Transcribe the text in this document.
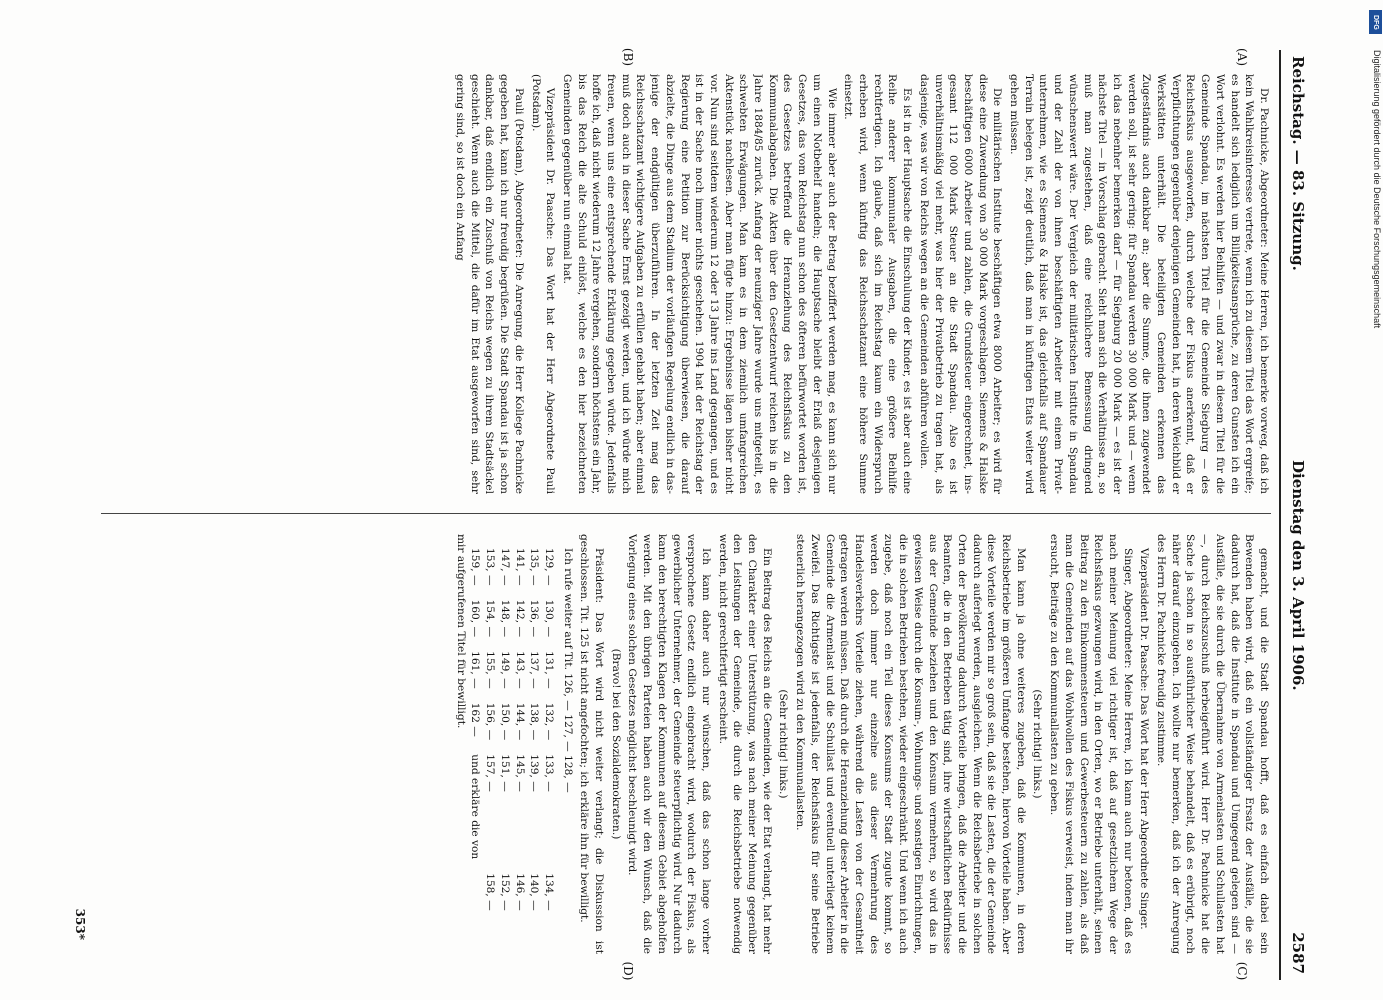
Reichstag. — 83. Sitzung.
Dienstag den 3. April 1906.
2587
(A)
(B)
(C)
(D)

Dr. Pachnicke, Abgeordneter: Meine Herren, ich bemerke vorweg, daß ich kein Wahlkreisinteresse vertrete, wenn ich zu diesem Titel das Wort ergreife; es handelt sich lediglich um Billigkeitsansprüche, zu deren Gunsten ich ein Wort verlohnt. Es werden hier Beihilfen — und zwar in diesem Titel für die Gemeinde Spandau, im nächsten Titel für die Gemeinde Siegburg — des Reichsfiskus ausgeworfen, durch welche der Fiskus anerkennt, daß er Verpflichtungen gegenüber denjenigen Gemeinden hat, in deren Weichbild er Werkstätten unterhält. Die beteiligten Gemeinden erkennen das Zugeständnis auch dankbar an; aber die Summe, die ihnen zugewendet werden soll, ist sehr gering: für Spandau werden 30 000 Mark und — wenn ich das nebenher bemerken darf — für Siegburg 20 000 Mark — es ist der nächste Titel — in Vorschlag gebracht. Sieht man sich die Verhältnisse an, so muß man zugestehen, daß eine reichlichere Bemessung dringend wünschenswert wäre. Der Vergleich der militärischen Institute in Spandau und der Zahl der von ihnen beschäftigten Arbeiter mit einem Privatunternehmen, wie es Siemens & Halske ist, das gleichfalls auf Spandauer Terrain belegen ist, zeigt deutlich, daß man in künftigen Etats weiter wird gehen müssen.

Die militärischen Institute beschäftigen etwa 8000 Arbeiter; es wird für diese eine Zuwendung von 30 000 Mark vorgeschlagen. Siemens & Halske beschäftigen 6000 Arbeiter und zahlen, die Grundsteuer eingerechnet, insgesamt 112 000 Mark Steuer an die Stadt Spandau. Also es ist unverhältnismäßig viel mehr, was hier der Privatbetrieb zu tragen hat, als dasjenige, was wir von Reichs wegen an die Gemeinden abführen wollen.

Es ist in der Hauptsache die Einschulung der Kinder, es ist aber auch eine Reihe anderer kommunaler Ausgaben, die eine größere Beihilfe rechtfertigen. Ich glaube, daß sich im Reichstag kaum ein Widerspruch erheben wird, wenn künftig das Reichsschatzamt eine höhere Summe einsetzt.

Wie immer aber auch der Betrag beziffert werden mag, es kann sich nur um einen Notbehelf handeln; die Hauptsache bleibt der Erlaß desjenigen Gesetzes, das vom Reichstag nun schon des öfteren befürwortet worden ist, des Gesetzes betreffend die Heranziehung des Reichsfiskus zu den Kommunalabgaben. Die Akten über den Gesetzentwurf reichen bis in die Jahre 1884/85 zurück. Anfang der neunziger Jahre wurde uns mitgeteilt, es schwebten Erwägungen. Man kam es in dem ziemlich umfangreichen Aktenstück nachlesen. Aber man fügte hinzu: Ergebnisse lägen bisher nicht vor. Nun sind seitdem wiederum 12 oder 13 Jahre ins Land gegangen, und es ist in der Sache noch immer nichts geschehen. 1904 hat der Reichstag der Regierung eine Petition zur Berücksichtigung überwiesen, die darauf abzielte, die Dinge aus dem Stadium der vorläufigen Regelung endlich in dasjenige der endgültigen überzuführen. In der letzten Zeit mag das Reichsschatzamt wichtigere Aufgaben zu erfüllen gehabt haben; aber einmal muß doch auch in dieser Sache Ernst gezeigt werden, und ich würde mich freuen, wenn uns eine entsprechende Erklärung gegeben würde. Jedenfalls hoffe ich, daß nicht wiederum 12 Jahre vergehen, sondern höchstens ein Jahr, bis das Reich die alte Schuld einlöst, welche es den hier bezeichneten Gemeinden gegenüber nun einmal hat.

Vizepräsident Dr. Paasche: Das Wort hat der Herr Abgeordnete Pauli (Potsdam).

Pauli (Potsdam), Abgeordneter: Die Anregung, die Herr Kollege Pachnicke gegeben hat, kann ich nur freudig begrüßen. Die Stadt Spandau ist ja schon dankbar, daß endlich ein Zuschuß von Reichs wegen zu ihrem Stadtsäckel geschieht. Wenn auch die Mittel, die dafür im Etat ausgeworfen sind, sehr gering sind, so ist doch ein Anfang

gemacht, und die Stadt Spandau hofft, daß es einfach dabei sein Bewenden haben wird, daß ein vollständiger Ersatz der Ausfälle, die sie dadurch hat, daß die Institute in Spandau und Umgegend gelegen sind — Ausfälle, die sie durch die Übernahme von Armenlasten und Schullasten hat —, durch Reichszuschuß herbeigeführt wird. Herr Dr. Pachnicke hat die Sache ja schon in so ausführlicher Weise behandelt, daß es erübrigt, noch näher darauf einzugehen. Ich wollte nur bemerken, daß ich der Anregung des Herrn Dr. Pachnicke freudig zustimme.

Vizepräsident Dr. Paasche: Das Wort hat der Herr Abgeordnete Singer.

Singer, Abgeordneter: Meine Herren, ich kann auch nur betonen, daß es nach meiner Meinung viel richtiger ist, daß auf gesetzlichem Wege der Reichsfiskus gezwungen wird, in den Orten, wo er Betriebe unterhält, seinen Beitrag zu den Einkommensteuern und Gewerbesteuern zu zahlen, als daß man die Gemeinden auf das Wohlwollen des Fiskus verweist, indem man ihr ersucht, Beiträge zu den Kommunallasten zu geben.

(Sehr richtig! links.)

Man kann ja ohne weiteres zugeben, daß die Kommunen, in deren Reichsbetriebe im größeren Umfange bestehen, hiervon Vorteile haben. Aber diese Vorteile werden mir so groß sein, daß sie die Lasten, die der Gemeinde dadurch auferlegt werden, ausgleichen. Wenn die Reichsbetriebe in solchen Orten der Bevölkerung dadurch Vorteile bringen, daß die Arbeiter und die Beamten, die in den Betrieben tätig sind, ihre wirtschaftlichen Bedürfnisse aus der Gemeinde beziehen und den Konsum vermehren, so wird das in gewissen Weise durch die Konsum-, Wohnungs- und sonstigen Einrichtungen, die in solchen Betrieben bestehen, wieder eingeschränkt. Und wenn ich auch zugebe, daß noch ein Teil dieses Konsums der Stadt zugute kommt, so werden doch immer nur einzelne aus dieser Vermehrung des Handelsverkehrs Vorteile ziehen, während die Lasten von der Gesamtheit getragen werden müssen. Daß durch die Heranziehung dieser Arbeiter in die Gemeinde die Armenlast und die Schullast und eventuell unterliegt keinem Zweifel. Das Richtigste ist jedenfalls, der Reichsfiskus für seine Betriebe steuerlich herangezogen wird zu den Kommunallasten.

(Sehr richtig! links.)

Ein Beitrag des Reichs an die Gemeinden, wie der Etat verlangt, hat mehr den Charakter einer Unterstützung, was nach meiner Meinung gegenüber den Leistungen der Gemeinde, die durch die Reichsbetriebe notwendig werden, nicht gerechtfertigt erscheint.

Ich kann daher auch nur wünschen, daß das schon lange vorher versprochene Gesetz endlich eingebracht wird, wodurch der Fiskus, als gewerblicher Unternehmer, der Gemeinde steuerpflichtig wird. Nur dadurch kann den berechtigten Klagen der Kommunen auf diesem Gebiet abgeholfen werden. Mit den übrigen Parteien haben auch wir den Wunsch, daß die Vorlegung eines solchen Gesetzes möglichst beschleunigt wird.

(Bravo! bei den Sozialdemokraten.)

Präsident: Das Wort wird nicht weiter verlangt; die Diskussion ist geschlossen. Tit. 125 ist nicht angefochten; ich erkläre ihn für bewilligt.

Ich rufe weiter auf Tit. 126, — 127, — 128, —

129, —	130, —	131, —	132, —	133, —	134, —
135, —	136, —	137, —	138, —	139, —	140, —
141, —	142, —	143, —	144, —	145, —	146, —
147, —	148, —	149, —	150, —	151, —	152, —
153, —	154, —	155, —	156, —	157, —	158, —
159, —	160, —	161, —	162 —	und erkläre die von	

mir aufgerufenen Titel für bewilligt.

353*
DFG
Digitalisierung gefördert durch die Deutsche Forschungsgemeinschaft
